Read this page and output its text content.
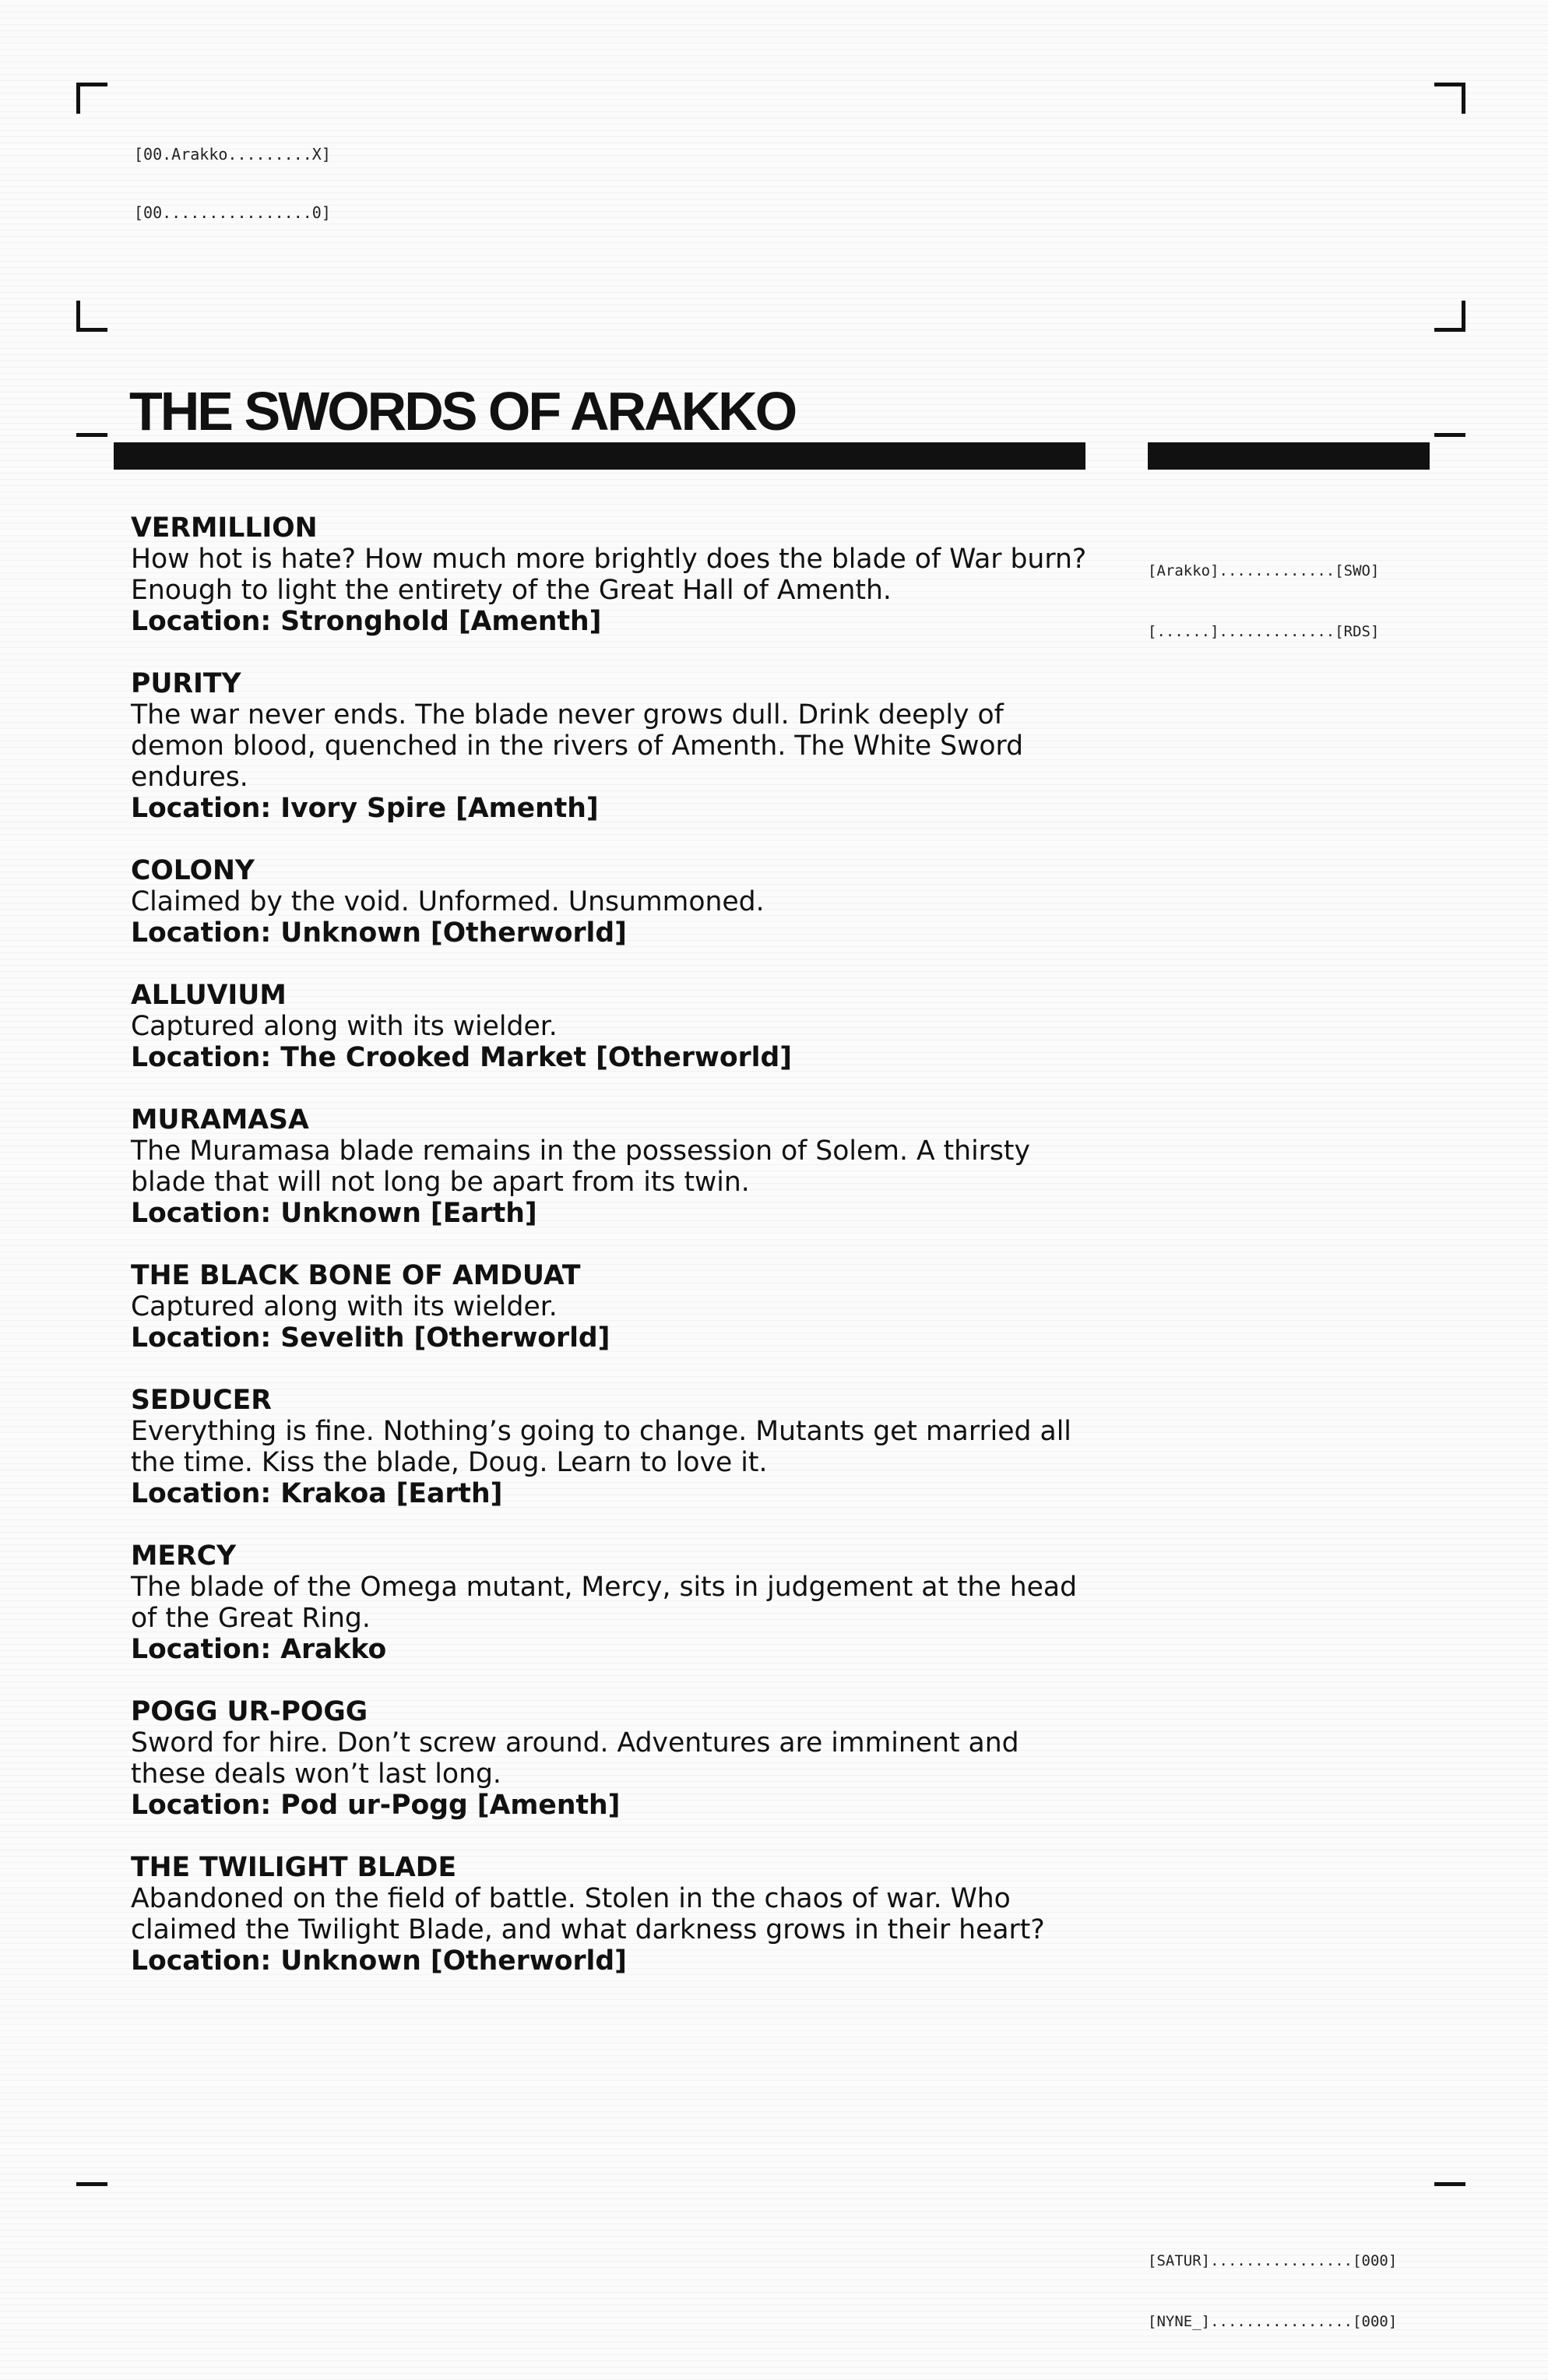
[00.Arakko.........X]

[00................0]

THE SWORDS OF ARAKKO

[Arakko].............[SWO]

[......].............[RDS]

VERMILLION
How hot is hate? How much more brightly does the blade of War burn? Enough to light the entirety of the Great Hall of Amenth.
Location: Stronghold [Amenth]
PURITY
The war never ends. The blade never grows dull. Drink deeply of demon blood, quenched in the rivers of Amenth. The White Sword endures.
Location: Ivory Spire [Amenth]
COLONY
Claimed by the void. Unformed. Unsummoned.
Location: Unknown [Otherworld]
ALLUVIUM
Captured along with its wielder.
Location: The Crooked Market [Otherworld]
MURAMASA
The Muramasa blade remains in the possession of Solem. A thirsty blade that will not long be apart from its twin.
Location: Unknown [Earth]
THE BLACK BONE OF AMDUAT
Captured along with its wielder.
Location: Sevelith [Otherworld]
SEDUCER
Everything is fine. Nothing’s going to change. Mutants get married all the time. Kiss the blade, Doug. Learn to love it.
Location: Krakoa [Earth]
MERCY
The blade of the Omega mutant, Mercy, sits in judgement at the head of the Great Ring.
Location: Arakko
POGG UR-POGG
Sword for hire. Don’t screw around. Adventures are imminent and these deals won’t last long.
Location: Pod ur-Pogg [Amenth]
THE TWILIGHT BLADE
Abandoned on the field of battle. Stolen in the chaos of war. Who claimed the Twilight Blade, and what darkness grows in their heart?
Location: Unknown [Otherworld]

[SATUR]................[000]

[NYNE_]................[000]
